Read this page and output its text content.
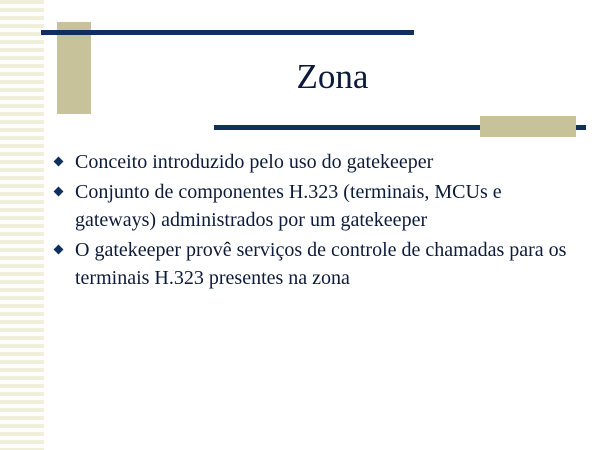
Zona
Conceito introduzido pelo uso do gatekeeper
Conjunto de componentes H.323 (terminais, MCUs e gateways) administrados por um gatekeeper
O gatekeeper provê serviços de controle de chamadas para os terminais H.323 presentes na zona
